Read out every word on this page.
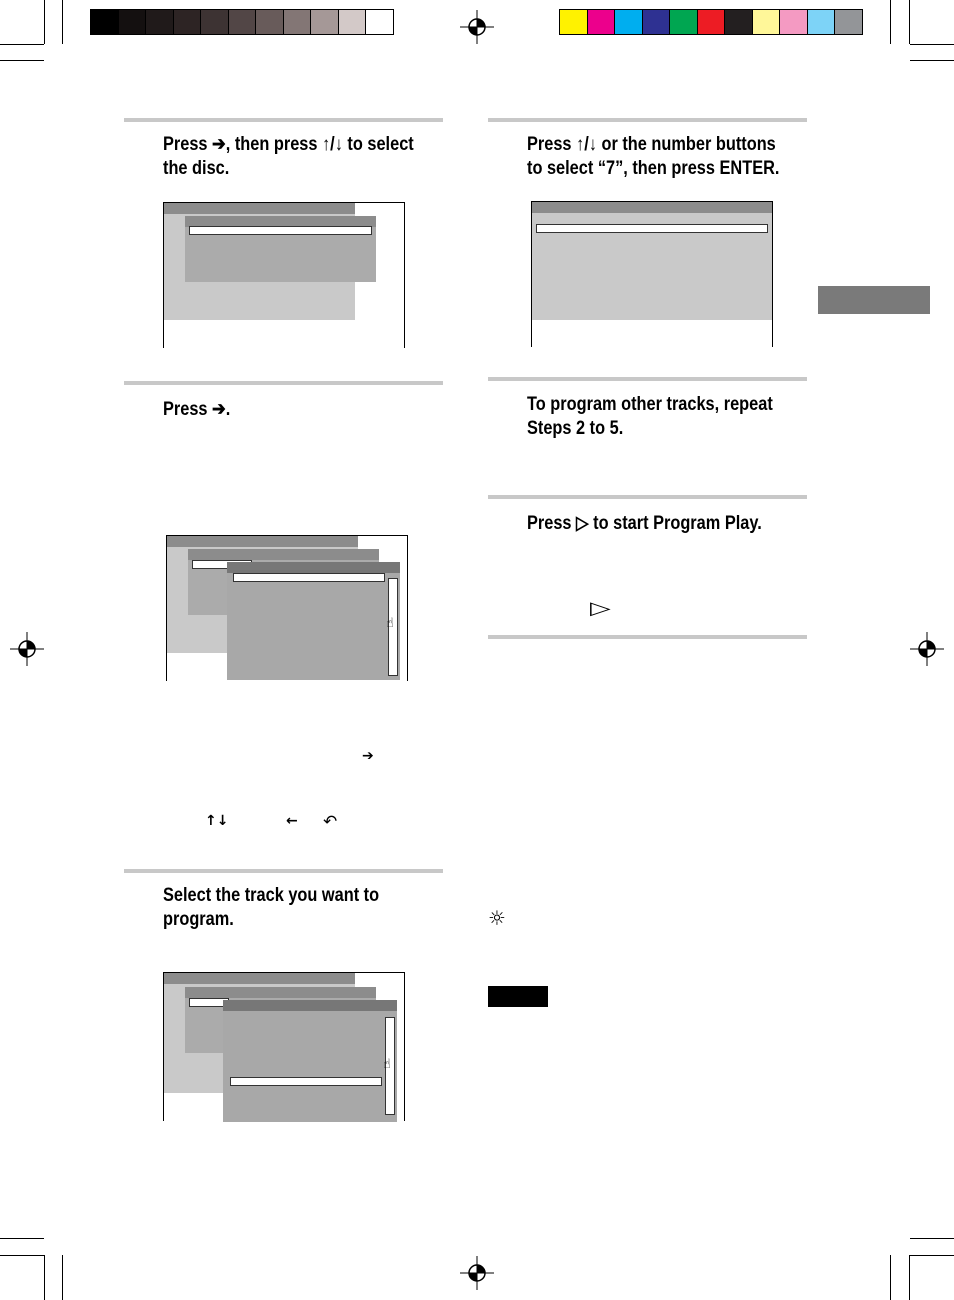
Press ➔, then press ↑/↓ to select
the disc.
Press ➔.
☝
➔
↑↓	← ↶
Select the track you want to
program.
☝
Press ↑/↓ or the number buttons
to select “7”, then press ENTER.
To program other tracks, repeat
Steps 2 to 5.
Press ▷ to start Program Play.
▷
☼
